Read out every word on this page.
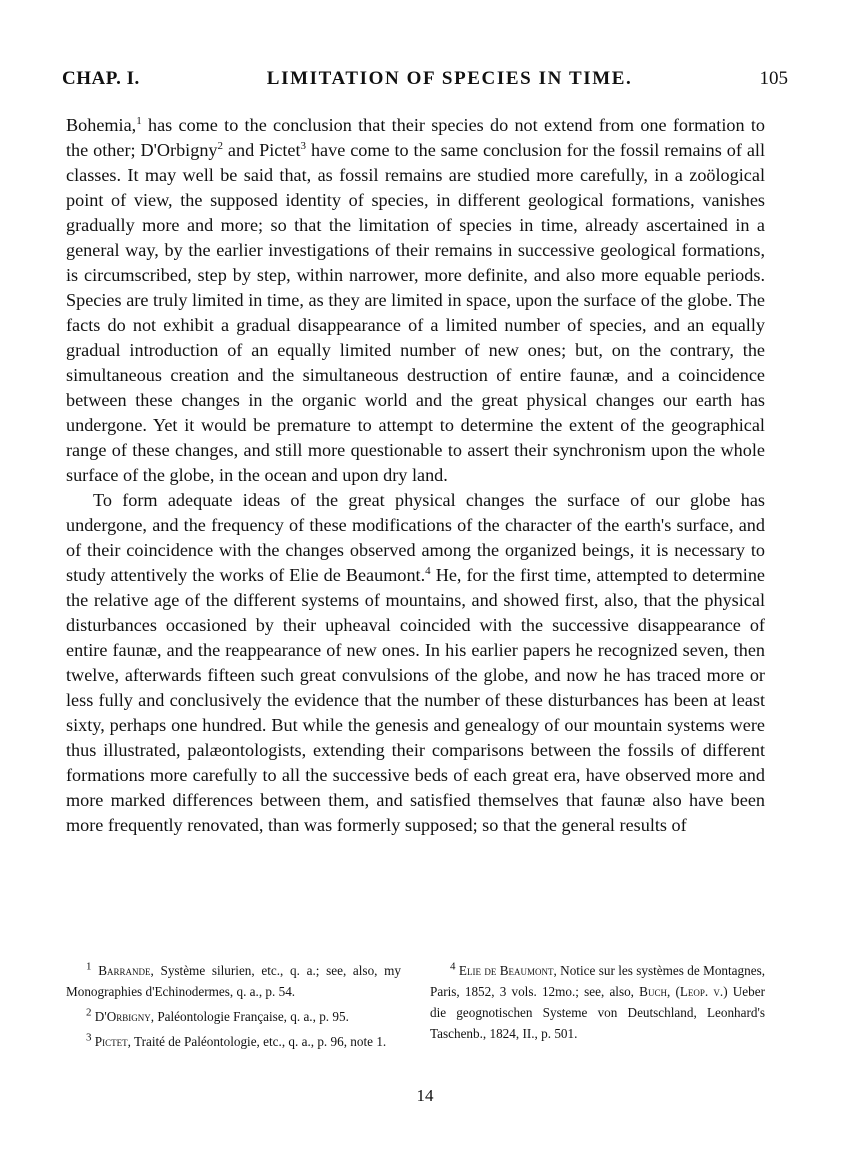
CHAP. I.	LIMITATION OF SPECIES IN TIME.	105

Bohemia,$^1$ has come to the conclusion that their species do not extend from one formation to the other; D'Orbigny$^2$ and Pictet$^3$ have come to the same conclusion for the fossil remains of all classes. It may well be said that, as fossil remains are studied more carefully, in a zoölogical point of view, the supposed identity of species, in different geological formations, vanishes gradually more and more; so that the limitation of species in time, already ascertained in a general way, by the earlier investigations of their remains in successive geological formations, is circumscribed, step by step, within narrower, more definite, and also more equable periods. Species are truly limited in time, as they are limited in space, upon the surface of the globe. The facts do not exhibit a gradual disappearance of a limited number of species, and an equally gradual introduction of an equally limited number of new ones; but, on the contrary, the simultaneous creation and the simultaneous destruction of entire faunæ, and a coincidence between these changes in the organic world and the great physical changes our earth has undergone. Yet it would be premature to attempt to determine the extent of the geographical range of these changes, and still more questionable to assert their synchronism upon the whole surface of the globe, in the ocean and upon dry land.

To form adequate ideas of the great physical changes the surface of our globe has undergone, and the frequency of these modifications of the character of the earth's surface, and of their coincidence with the changes observed among the organized beings, it is necessary to study attentively the works of Elie de Beaumont.$^4$ He, for the first time, attempted to determine the relative age of the different systems of mountains, and showed first, also, that the physical disturbances occasioned by their upheaval coincided with the successive disappearance of entire faunæ, and the reappearance of new ones. In his earlier papers he recognized seven, then twelve, afterwards fifteen such great convulsions of the globe, and now he has traced more or less fully and conclusively the evidence that the number of these disturbances has been at least sixty, perhaps one hundred. But while the genesis and genealogy of our mountain systems were thus illustrated, palæontologists, extending their comparisons between the fossils of different formations more carefully to all the successive beds of each great era, have observed more and more marked differences between them, and satisfied themselves that faunæ also have been more frequently renovated, than was formerly supposed; so that the general results of

$^1$ Barrande, Système silurien, etc., q. a.; see, also, my Monographies d'Echinodermes, q. a., p. 54.

$^2$ D'Orbigny, Paléontologie Française, q. a., p. 95.

$^3$ Pictet, Traité de Paléontologie, etc., q. a., p. 96, note 1.

$^4$ Elie de Beaumont, Notice sur les systèmes de Montagnes, Paris, 1852, 3 vols. 12mo.; see, also, Buch, (Leop. v.) Ueber die geognotischen Systeme von Deutschland, Leonhard's Taschenb., 1824, II., p. 501.

14
